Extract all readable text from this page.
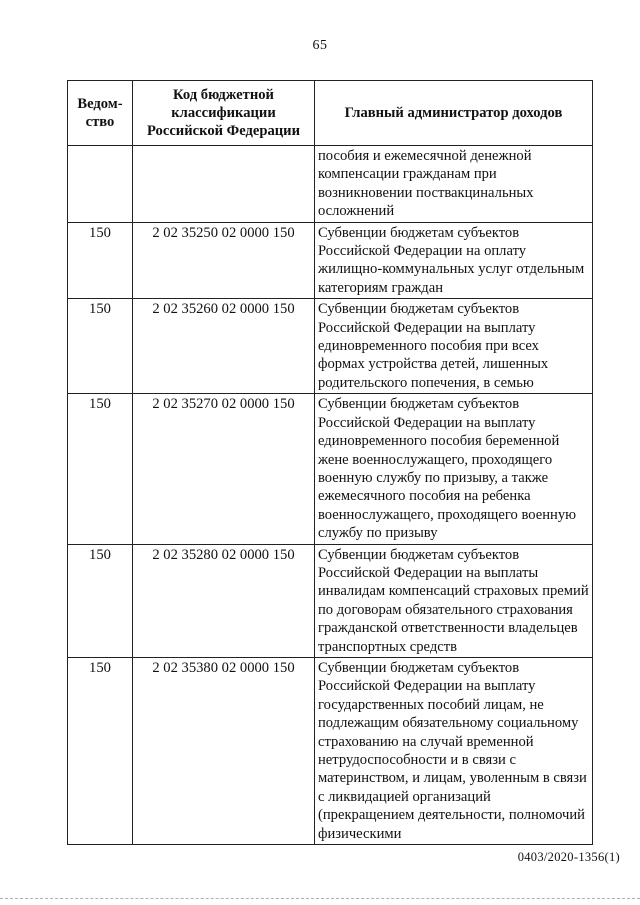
65
Ведом-ство	Код бюджетной классификации Российской Федерации	Главный администратор доходов
		пособия и ежемесячной денежной компенсации гражданам при возникновении поствакцинальных осложнений
150	2 02 35250 02 0000 150	Субвенции бюджетам субъектов Российской Федерации на оплату жилищно-коммунальных услуг отдельным категориям граждан
150	2 02 35260 02 0000 150	Субвенции бюджетам субъектов Российской Федерации на выплату единовременного пособия при всех формах устройства детей, лишенных родительского попечения, в семью
150	2 02 35270 02 0000 150	Субвенции бюджетам субъектов Российской Федерации на выплату единовременного пособия беременной жене военнослужащего, проходящего военную службу по призыву, а также ежемесячного пособия на ребенка военнослужащего, проходящего военную службу по призыву
150	2 02 35280 02 0000 150	Субвенции бюджетам субъектов Российской Федерации на выплаты инвалидам компенсаций страховых премий по договорам обязательного страхования гражданской ответственности владельцев транспортных средств
150	2 02 35380 02 0000 150	Субвенции бюджетам субъектов Российской Федерации на выплату государственных пособий лицам, не подлежащим обязательному социальному страхованию на случай временной нетрудоспособности и в связи с материнством, и лицам, уволенным в связи с ликвидацией организаций (прекращением деятельности, полномочий физическими
0403/2020-1356(1)
